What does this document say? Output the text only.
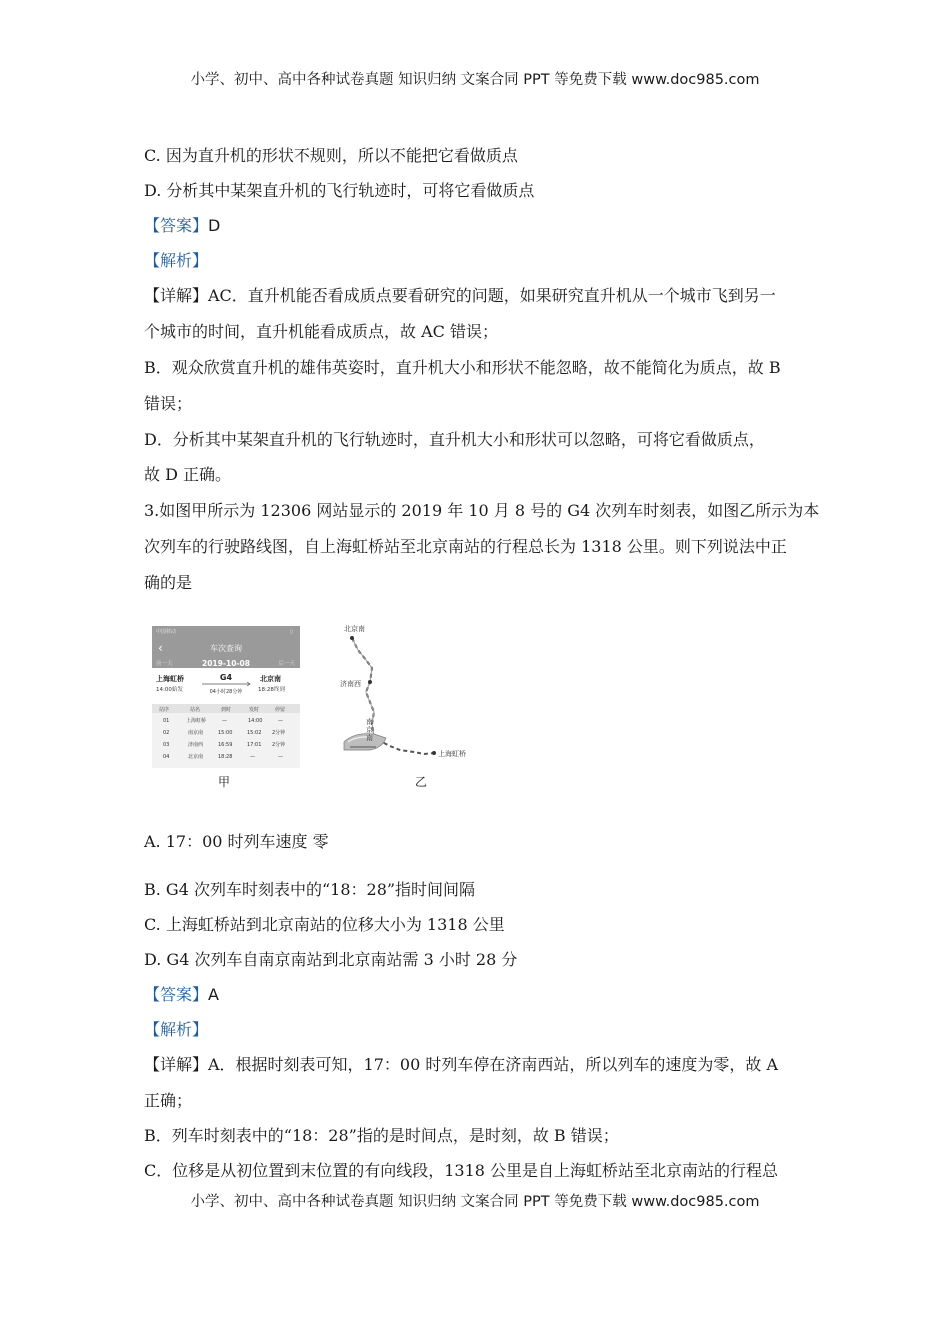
小学、初中、高中各种试卷真题 知识归纳 文案合同 PPT 等免费下载 www.doc985.com
小学、初中、高中各种试卷真题 知识归纳 文案合同 PPT 等免费下载 www.doc985.com
C. 因为直升机的形状不规则，所以不能把它看做质点
D. 分析其中某架直升机的飞行轨迹时，可将它看做质点
【答案】D
【解析】
【详解】AC．直升机能否看成质点要看研究的问题，如果研究直升机从一个城市飞到另一
个城市的时间，直升机能看成质点，故 AC 错误；
B．观众欣赏直升机的雄伟英姿时，直升机大小和形状不能忽略，故不能简化为质点，故 B
错误；
D．分析其中某架直升机的飞行轨迹时，直升机大小和形状可以忽略，可将它看做质点，
故 D 正确。
3.如图甲所示为 12306 网站显示的 2019 年 10 月 8 号的 G4 次列车时刻表，如图乙所示为本
次列车的行驶路线图，自上海虹桥站至北京南站的行程总长为 1318 公里。则下列说法中正
确的是
中国移动	▯
‹	车次查询
前一天	2019-10-08	后一天
上海虹桥
14:00始发
G4
04小时28分钟
北京南
18:28终到
站序	站名	到时	发时	停留
01	上海虹桥	—	14:00	—
02	南京南	15:00	15:02 2分钟
03	济南西	16:59	17:01 2分钟
04	北京南	18:28	—	—
甲
北京南
济南西
南
京
南
上海虹桥
乙
A. 17：00 时列车速度 零
B. G4 次列车时刻表中的“18：28”指时间间隔
C. 上海虹桥站到北京南站的位移大小为 1318 公里
D. G4 次列车自南京南站到北京南站需 3 小时 28 分
【答案】A
【解析】
【详解】A．根据时刻表可知，17：00 时列车停在济南西站，所以列车的速度为零，故 A
正确；
B．列车时刻表中的“18：28”指的是时间点，是时刻，故 B 错误；
C．位移是从初位置到末位置的有向线段，1318 公里是自上海虹桥站至北京南站的行程总
